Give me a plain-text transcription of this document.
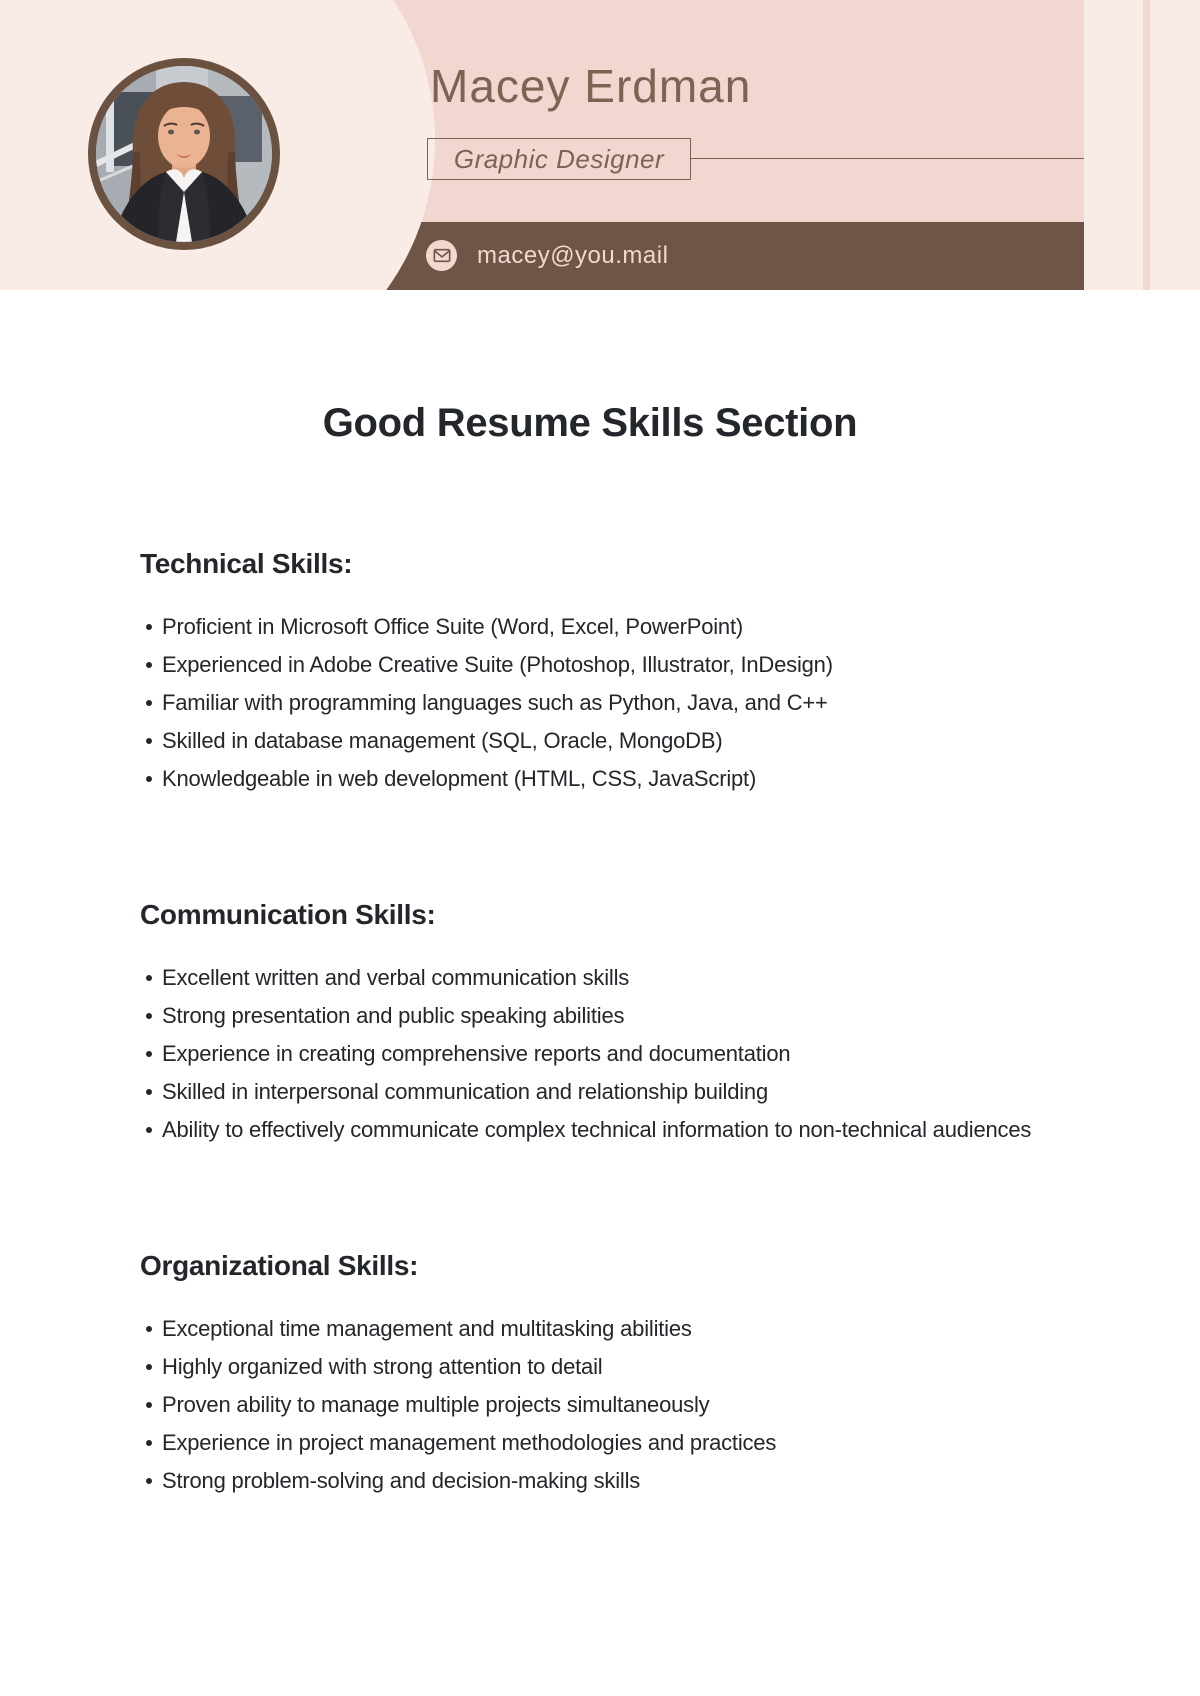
Macey Erdman
Graphic Designer
macey@you.mail
Good Resume Skills Section
Technical Skills:
Proficient in Microsoft Office Suite (Word, Excel, PowerPoint)
Experienced in Adobe Creative Suite (Photoshop, Illustrator, InDesign)
Familiar with programming languages such as Python, Java, and C++
Skilled in database management (SQL, Oracle, MongoDB)
Knowledgeable in web development (HTML, CSS, JavaScript)
Communication Skills:
Excellent written and verbal communication skills
Strong presentation and public speaking abilities
Experience in creating comprehensive reports and documentation
Skilled in interpersonal communication and relationship building
Ability to effectively communicate complex technical information to non-technical audiences
Organizational Skills:
Exceptional time management and multitasking abilities
Highly organized with strong attention to detail
Proven ability to manage multiple projects simultaneously
Experience in project management methodologies and practices
Strong problem-solving and decision-making skills
